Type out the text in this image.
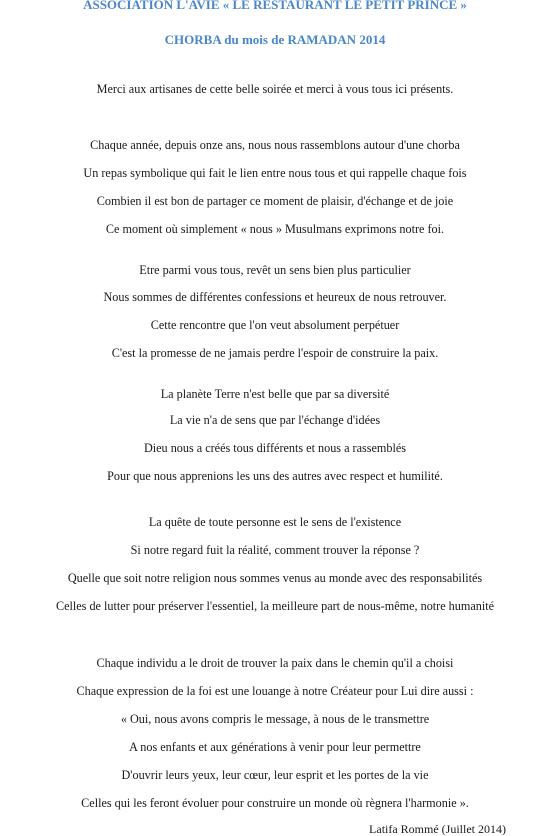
ASSOCIATION L'AVIE « LE RESTAURANT LE PETIT PRINCE »
CHORBA du mois de RAMADAN 2014
Merci aux artisanes de cette belle soirée et merci à vous tous ici présents.
Chaque année, depuis onze ans, nous nous rassemblons autour d'une chorba
Un repas symbolique qui fait le lien entre nous tous et qui rappelle chaque fois
Combien il est bon de partager ce moment de plaisir, d'échange et de joie
Ce moment où simplement « nous » Musulmans exprimons notre foi.
Etre parmi vous tous, revêt un sens bien plus particulier
Nous sommes de différentes confessions et heureux de nous retrouver.
Cette rencontre que l'on veut absolument perpétuer
C'est la promesse de ne jamais perdre l'espoir de construire la paix.
La planète Terre n'est belle que par sa diversité
La vie n'a de sens que par l'échange d'idées
Dieu nous a créés tous différents et nous a rassemblés
Pour que nous apprenions les uns des autres avec respect et humilité.
La quête de toute personne est le sens de l'existence
Si notre regard fuit la réalité, comment trouver la réponse ?
Quelle que soit notre religion nous sommes venus au monde avec des responsabilités
Celles de lutter pour préserver l'essentiel, la meilleure part de nous-même, notre humanité
Chaque individu a le droit de trouver la paix dans le chemin qu'il a choisi
Chaque expression de la foi est une louange à notre Créateur pour Lui dire aussi :
« Oui, nous avons compris le message, à nous de le transmettre
A nos enfants et aux générations à venir pour leur permettre
D'ouvrir leurs yeux, leur cœur, leur esprit et les portes de la vie
Celles qui les feront évoluer pour construire un monde où règnera l'harmonie ».
Latifa Rommé (Juillet 2014)
